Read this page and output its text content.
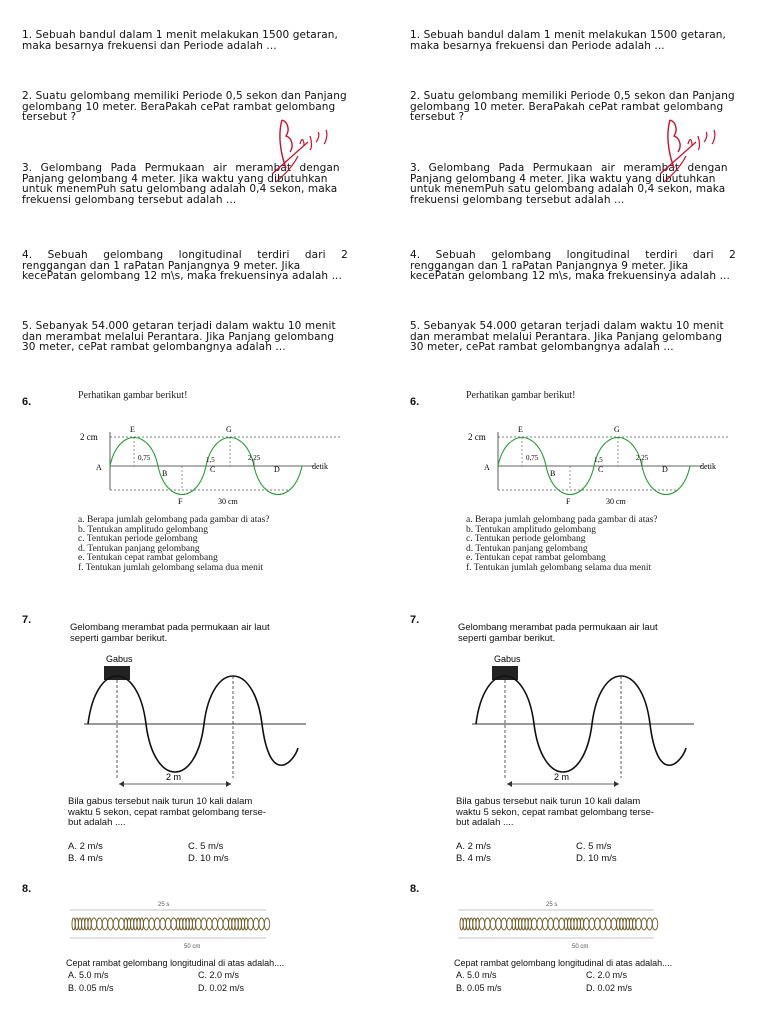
1. Sebuah bandul dalam 1 menit melakukan 1500 getaran,
maka besarnya frekuensi dan Periode adalah ...
2. Suatu gelombang memiliki Periode 0,5 sekon dan Panjang
gelombang 10 meter. BeraPakah cePat rambat gelombang
tersebut ?
3. Gelombang Pada Permukaan air merambat dengan
Panjang gelombang 4 meter. Jika waktu yang dibutuhkan
untuk menemPuh satu gelombang adalah 0,4 sekon, maka
frekuensi gelombang tersebut adalah ...
4. Sebuah gelombang longitudinal terdiri dari 2
renggangan dan 1 raPatan Panjangnya 9 meter. Jika
kecePatan gelombang 12 m\s, maka frekuensinya adalah ...
5. Sebanyak 54.000 getaran terjadi dalam waktu 10 menit
dan merambat melalui Perantara. Jika Panjang gelombang
30 meter, cePat rambat gelombangnya adalah ...
6.
Perhatikan gambar berikut!
2 cm
E	G
A
B	C	D
F
0,75	1,5	2,25
detik
30 cm
a. Berapa jumlah gelombang pada gambar di atas?
b. Tentukan amplitudo gelombang
c. Tentukan periode gelombang
d. Tentukan panjang gelombang
e. Tentukan cepat rambat gelombang
f. Tentukan jumlah gelombang selama dua menit
7.
Gelombang merambat pada permukaan air laut
seperti gambar berikut.
Gabus
2 m
Bila gabus tersebut naik turun 10 kali dalam
waktu 5 sekon, cepat rambat gelombang terse-
but adalah ....
A. 2 m/s
B. 4 m/s
C. 5 m/s
D. 10 m/s
8.
25 s
50 cm
Cepat rambat gelombang longitudinal di atas adalah....
A. 5.0 m/s
B. 0.05 m/s
C. 2.0 m/s
D. 0.02 m/s
1. Sebuah bandul dalam 1 menit melakukan 1500 getaran,
maka besarnya frekuensi dan Periode adalah ...
2. Suatu gelombang memiliki Periode 0,5 sekon dan Panjang
gelombang 10 meter. BeraPakah cePat rambat gelombang
tersebut ?
3. Gelombang Pada Permukaan air merambat dengan
Panjang gelombang 4 meter. Jika waktu yang dibutuhkan
untuk menemPuh satu gelombang adalah 0,4 sekon, maka
frekuensi gelombang tersebut adalah ...
4. Sebuah gelombang longitudinal terdiri dari 2
renggangan dan 1 raPatan Panjangnya 9 meter. Jika
kecePatan gelombang 12 m\s, maka frekuensinya adalah ...
5. Sebanyak 54.000 getaran terjadi dalam waktu 10 menit
dan merambat melalui Perantara. Jika Panjang gelombang
30 meter, cePat rambat gelombangnya adalah ...
6.
Perhatikan gambar berikut!
2 cm
E	G
A
B	C	D
F
0,75	1,5	2,25
detik
30 cm
a. Berapa jumlah gelombang pada gambar di atas?
b. Tentukan amplitudo gelombang
c. Tentukan periode gelombang
d. Tentukan panjang gelombang
e. Tentukan cepat rambat gelombang
f. Tentukan jumlah gelombang selama dua menit
7.
Gelombang merambat pada permukaan air laut
seperti gambar berikut.
Gabus
2 m
Bila gabus tersebut naik turun 10 kali dalam
waktu 5 sekon, cepat rambat gelombang terse-
but adalah ....
A. 2 m/s
B. 4 m/s
C. 5 m/s
D. 10 m/s
8.
25 s
50 cm
Cepat rambat gelombang longitudinal di atas adalah....
A. 5.0 m/s
B. 0.05 m/s
C. 2.0 m/s
D. 0.02 m/s
